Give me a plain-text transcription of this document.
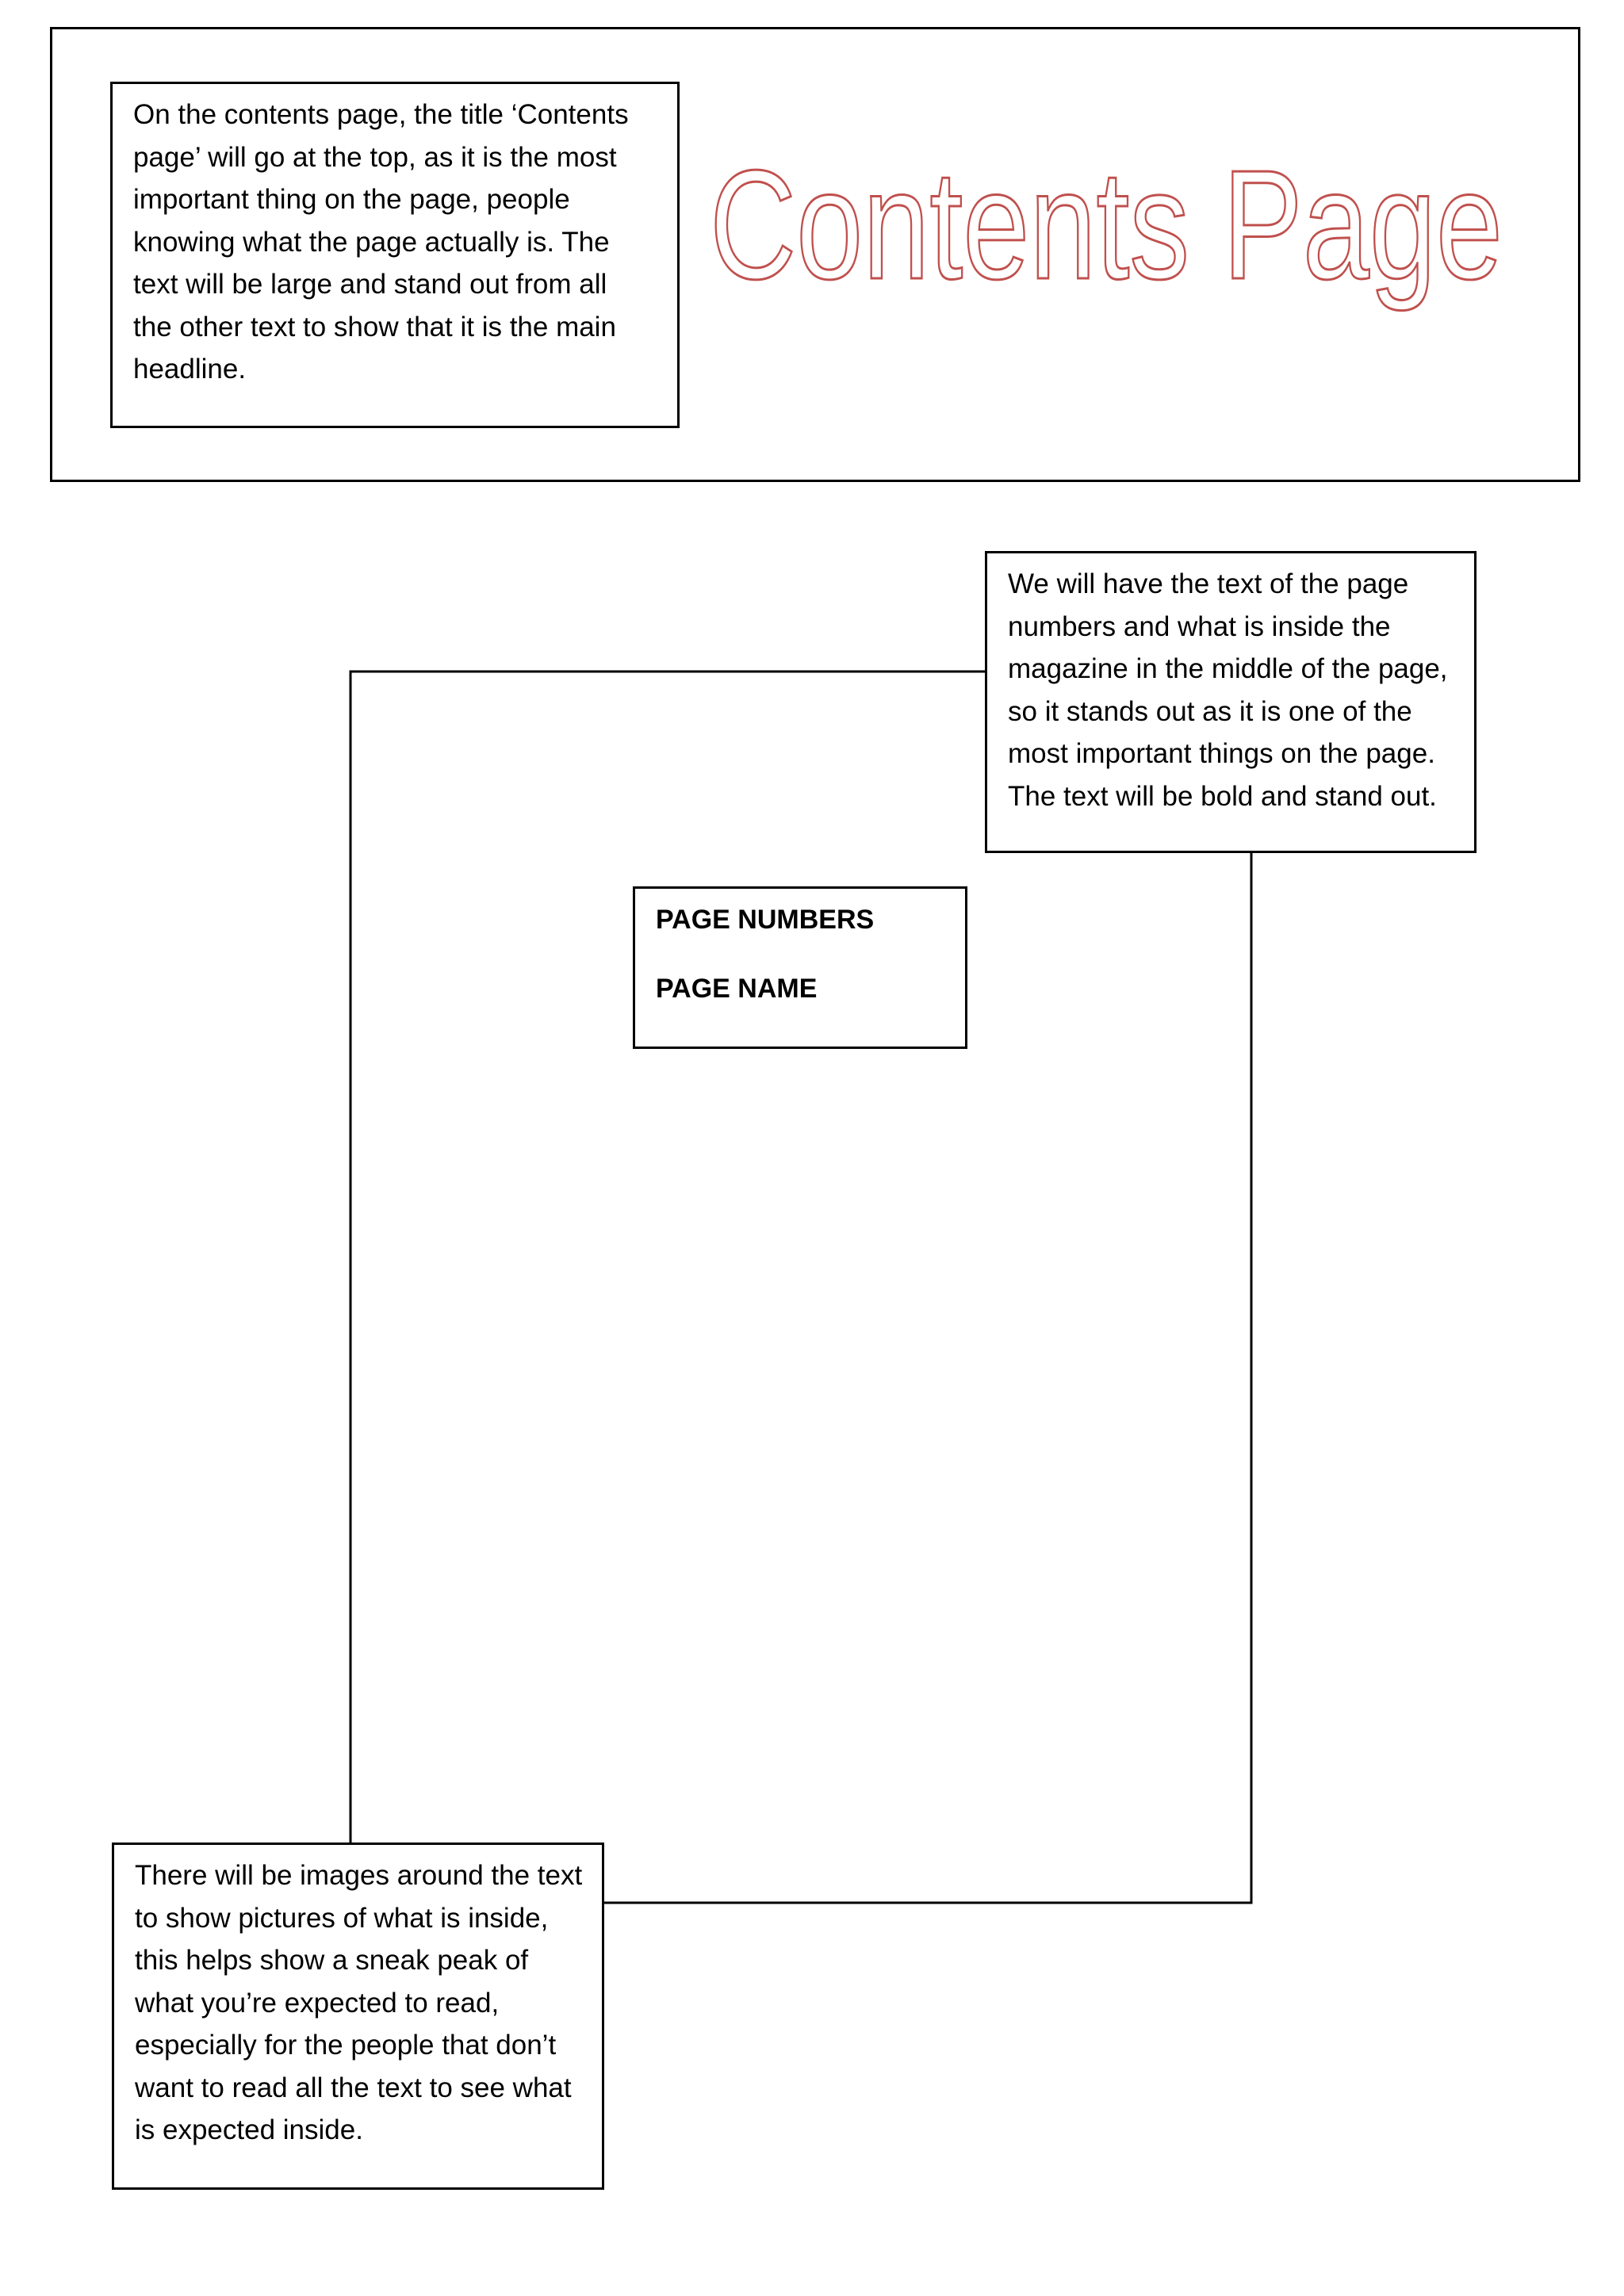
On the contents page, the title ‘Contents
page’ will go at the top, as it is the most
important thing on the page, people
knowing what the page actually is. The
text will be large and stand out from all
the other text to show that it is the main
headline.
Contents Page
We will have the text of the page
numbers and what is inside the
magazine in the middle of the page,
so it stands out as it is one of the
most important things on the page.
The text will be bold and stand out.
PAGE NUMBERS
PAGE NAME
There will be images around the text
to show pictures of what is inside,
this helps show a sneak peak of
what you’re expected to read,
especially for the people that don’t
want to read all the text to see what
is expected inside.
